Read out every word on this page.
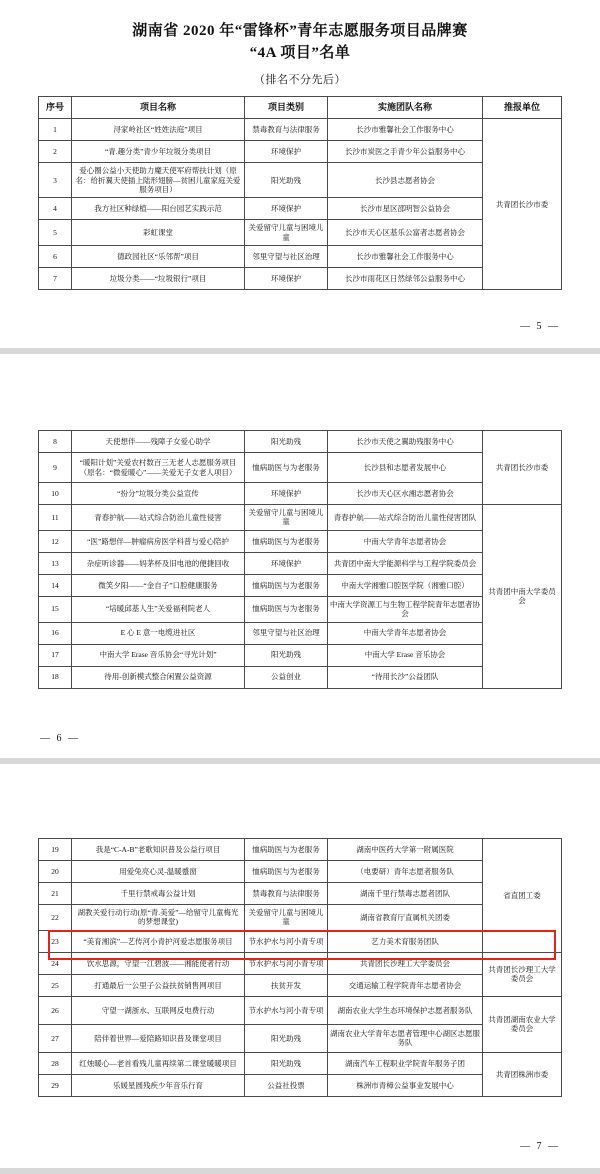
湖南省 2020 年“雷锋杯”青年志愿服务项目品牌赛
“4A 项目”名单
（排名不分先后）
序号	项目名称	项目类别	实施团队名称	推报单位
1	浔家岭社区“姓姓法庭”项目	禁毒教育与法律服务	长沙市雅馨社会工作服务中心	共青团长沙市委
2	“青.趣分类”青少年垃圾分类项目	环境保护	长沙市炭医之手青少年公益服务中心	
3	爱心圈公益小天使助力魔天使军府帮扶计划（原名：给折翼天使插上陆形翅膀—贫困儿童家庭关爱服务项目）	阳光助残	长沙县志愿者协会	
4	我方社区种绿植——阳台园艺实践示范	环境保护	长沙市星区邵明智公益协会	
5	彩虹课堂	关爱留守儿童与困境儿童	长沙市天心区基乐公富者志愿者协会	
6	德政园社区“乐邻帮”项目	邻里守望与社区治理	长沙市雅馨社会工作服务中心	
7	垃圾分类——“垃圾银行”项目	环境保护	长沙市雨花区日然绿邻公益服务中心	
— 5 —
8	天使想伴——残障子女爱心助学	阳光助残	长沙市天使之翼助残服务中心	共青团长沙市委
9	“暖阳计划”关爱农村数百三无老人志愿服务项目（原名：“微爱暖心”——关爱无子女老人项目）	恤病助医与为老服务	长沙县和志愿者发展中心	
10	“扮分”垃圾分类公益宣传	环境保护	长沙市天心区水湘志愿者协会	
11	青春护航——站式综合防治儿童性侵害	关爱留守儿童与困境儿童	青春护航——站式综合防治儿童性侵害团队	共青团中南大学委员会
12	“医”路想伴—肿瘤病房医学科普与爱心陪护	恤病助医与为老服务	中南大学青年志愿者协会	
13	杂症听诊器——妈茅杯及旧电池的便捷回收	环境保护	共青团中南大学能源科学与工程学院委员会	
14	微笑夕阳——“金自子”口腔健康服务	恤病助医与为老服务	中南大学湘雅口腔医学院（湘雅口腔）	
15	“培暖邱基人生”关爱福利院老人	恤病助医与为老服务	中南大学资源工与生物工程学院青年志愿者协会	
16	E 心 E 意一电缆进社区	邻里守望与社区治理	中南大学青年志愿者协会	
17	中南大学 Erase 音乐协会“寻光计划”	阳光助残	中南大学 Erase 音乐协会	
18	待用-创新模式整合闲置公益资源	公益创业	“待用长沙”公益团队	
— 6 —
19	我是“C-A-B”老歌知识普及公益行项目	恤病助医与为老服务	湖南中医药大学第一附属医院	省直团工委
20	用爱兔亮心灵-温暖蹙窗	恤病助医与为老服务	（电要研）青年志愿者服务队	
21	千里行禁戒毒公益计划	禁毒教育与法律服务	湖南千里行禁毒志愿者团队	
22	湖教关爱行动行动(原“青.美爱”—给留守儿童梅光的梦想课堂)	关爱留守儿童与困境儿童	湖南省教育厅直属机关团委	
23	“美育湘滨”—艺传河小青护河爱志愿服务项目	节水护水与河小青专项	艺力美术育服务团队	
24	饮水思源，守望一江碧波——湘能使者行动	节水护水与河小青专项	共青团长沙理工大学委员会	共青团长沙理工大学委员会
25	打通最后一公里子公益扶贫销售网项目	扶贫开发	交通运输工程学院青年志愿者协会	
26	守望一湖浙水、互联网反电费行动	节水护水与河小青专项	湖南农业大学生态环境保护志愿者服务队	共青团湖南农业大学委员会
27	陪伴着世界—爱陪路知识普及课堂项目	阳光助残	湖南农业大学青年志愿者管理中心湖区志愿服务队	
28	红烛暖心—老首看残儿童再续第二课堂暖暖项目	阳光助残	湖南汽车工程职业学院青年服务子团	共青团株洲市委
29	乐媛星圆残疾少年音乐行育	公益社投票	株洲市青樟公益事业发展中心	
— 7 —
